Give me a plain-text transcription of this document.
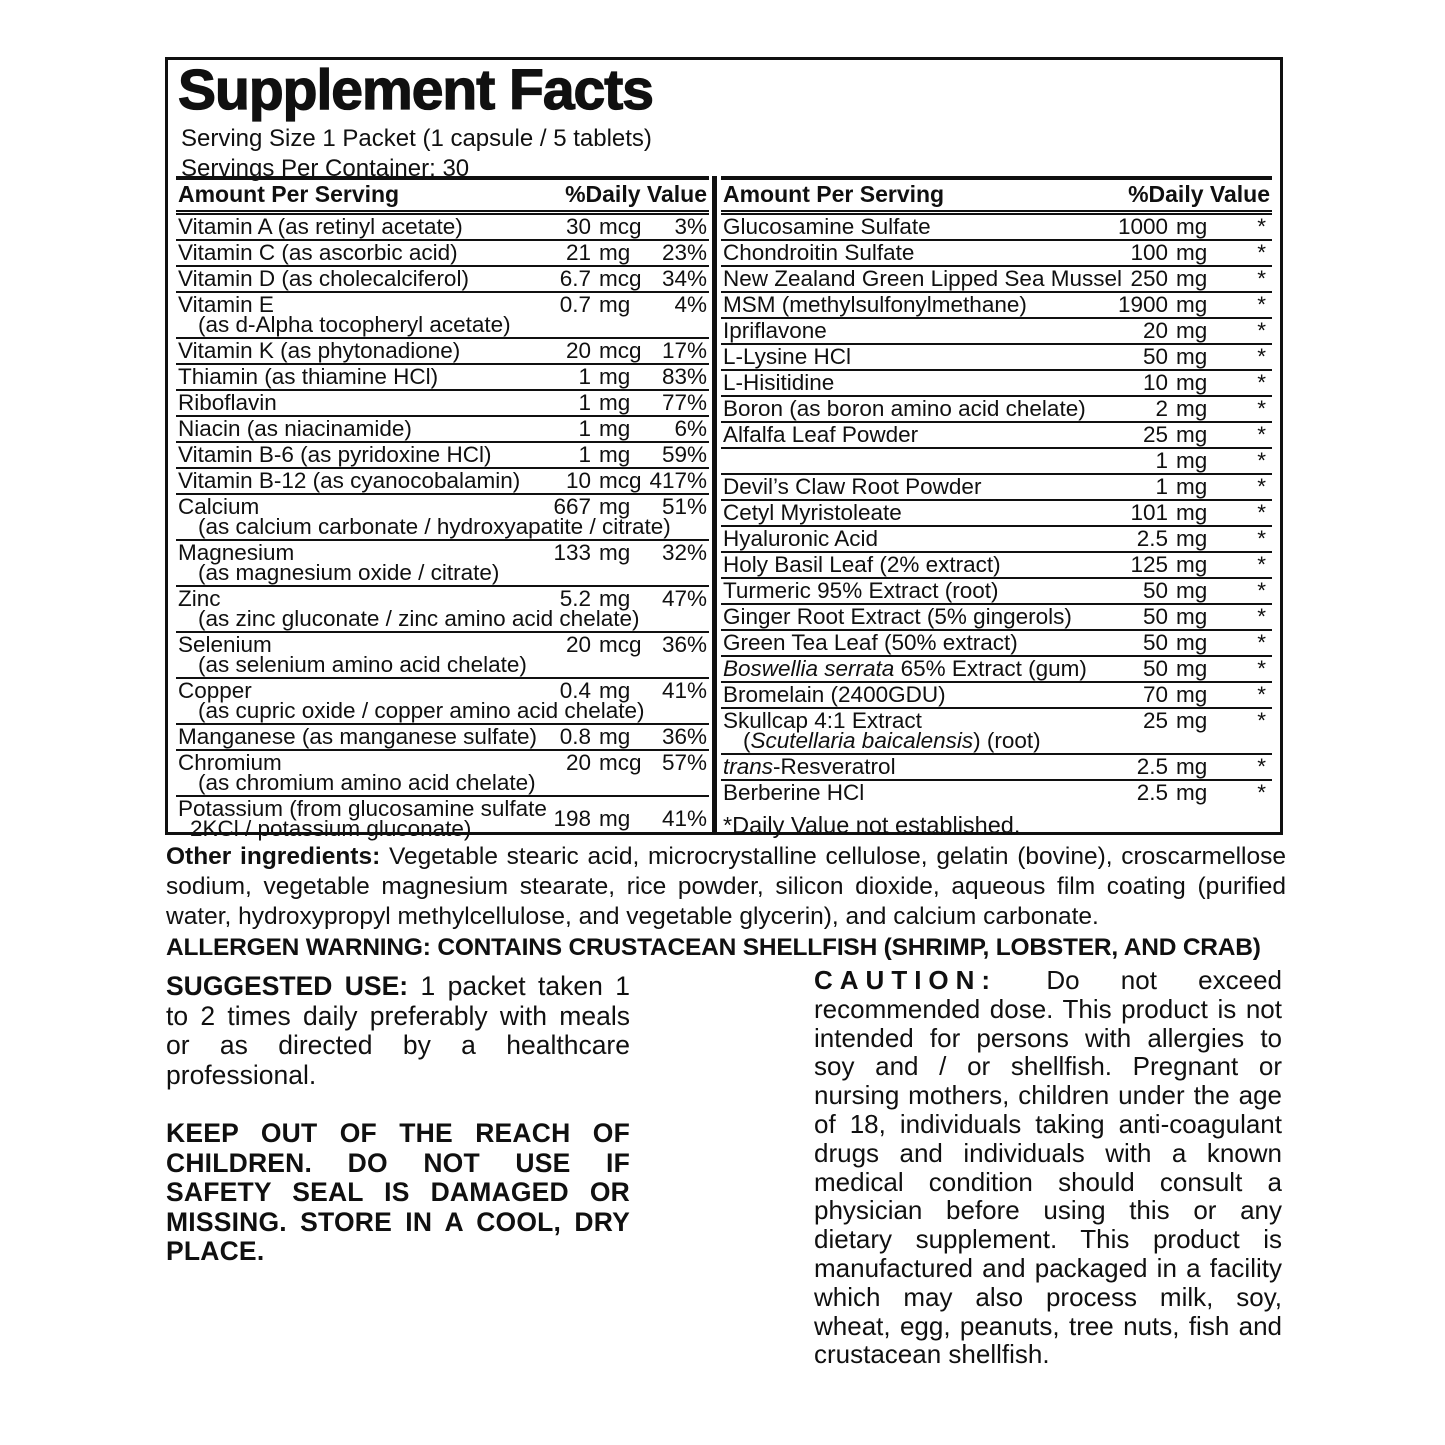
Supplement Facts
Serving Size 1 Packet (1 capsule / 5 tablets)
Servings Per Container: 30
Amount Per Serving	%Daily Value
Vitamin A (as retinyl acetate)	30 mcg	3%
Vitamin C (as ascorbic acid)	21 mg	23%
Vitamin D (as cholecalciferol)	6.7 mcg 34%
Vitamin E	0.7 mg	4%
(as d-Alpha tocopheryl acetate)
Vitamin K (as phytonadione)	20 mcg 17%
Thiamin (as thiamine HCl)	1 mg	83%
Riboflavin	1 mg	77%
Niacin (as niacinamide)	1 mg	6%
Vitamin B-6 (as pyridoxine HCl)	1 mg	59%
Vitamin B-12 (as cyanocobalamin)	10 mcg 417%
Calcium	667 mg	51%
(as calcium carbonate / hydroxyapatite / citrate)
Magnesium	133 mg	32%
(as magnesium oxide / citrate)
Zinc	5.2 mg	47%
(as zinc gluconate / zinc amino acid chelate)
Selenium	20 mcg 36%
(as selenium amino acid chelate)
Copper	0.4 mg	41%
(as cupric oxide / copper amino acid chelate)
Manganese (as manganese sulfate)	0.8 mg	36%
Chromium	20 mcg 57%
(as chromium amino acid chelate)
Potassium (from glucosamine sulfate
2KCl / potassium gluconate)	198 mg	41%
Amount Per Serving	%Daily Value
Glucosamine Sulfate	1000 mg	*
Chondroitin Sulfate	100 mg	*
New Zealand Green Lipped Sea Mussel 250 mg	*
MSM (methylsulfonylmethane)	1900 mg	*
Ipriflavone	20 mg	*
L-Lysine HCl	50 mg	*
L-Hisitidine	10 mg	*
Boron (as boron amino acid chelate)	2 mg	*
Alfalfa Leaf Powder	25 mg	*
1 mg	*
Devil’s Claw Root Powder	1 mg	*
Cetyl Myristoleate	101 mg	*
Hyaluronic Acid	2.5 mg	*
Holy Basil Leaf (2% extract)	125 mg	*
Turmeric 95% Extract (root)	50 mg	*
Ginger Root Extract (5% gingerols)	50 mg	*
Green Tea Leaf (50% extract)	50 mg	*
Boswellia serrata 65% Extract (gum)	50 mg	*
Bromelain (2400GDU)	70 mg	*
Skullcap 4:1 Extract	25 mg	*
(Scutellaria baicalensis) (root)
trans-Resveratrol	2.5 mg	*
Berberine HCl	2.5 mg	*
*Daily Value not established.

Other ingredients: Vegetable stearic acid, microcrystalline cellulose, gelatin (bovine), croscarmellose sodium, vegetable magnesium stearate, rice powder, silicon dioxide, aqueous film coating (purified water, hydroxypropyl methylcellulose, and vegetable glycerin), and calcium carbonate.

ALLERGEN WARNING: CONTAINS CRUSTACEAN SHELLFISH (SHRIMP, LOBSTER, AND CRAB)

SUGGESTED USE: 1 packet taken 1 to 2 times daily preferably with meals or as directed by a healthcare professional.

KEEP OUT OF THE REACH OF CHILDREN. DO NOT USE IF SAFETY SEAL IS DAMAGED OR MISSING. STORE IN A COOL, DRY PLACE.

CAUTION: Do not exceed recommended dose. This product is not intended for persons with allergies to soy and / or shellfish. Pregnant or nursing mothers, children under the age of 18, individuals taking anti-coagulant drugs and individuals with a known medical condition should consult a physician before using this or any dietary supplement. This product is manufactured and packaged in a facility which may also process milk, soy, wheat, egg, peanuts, tree nuts, fish and crustacean shellfish.
